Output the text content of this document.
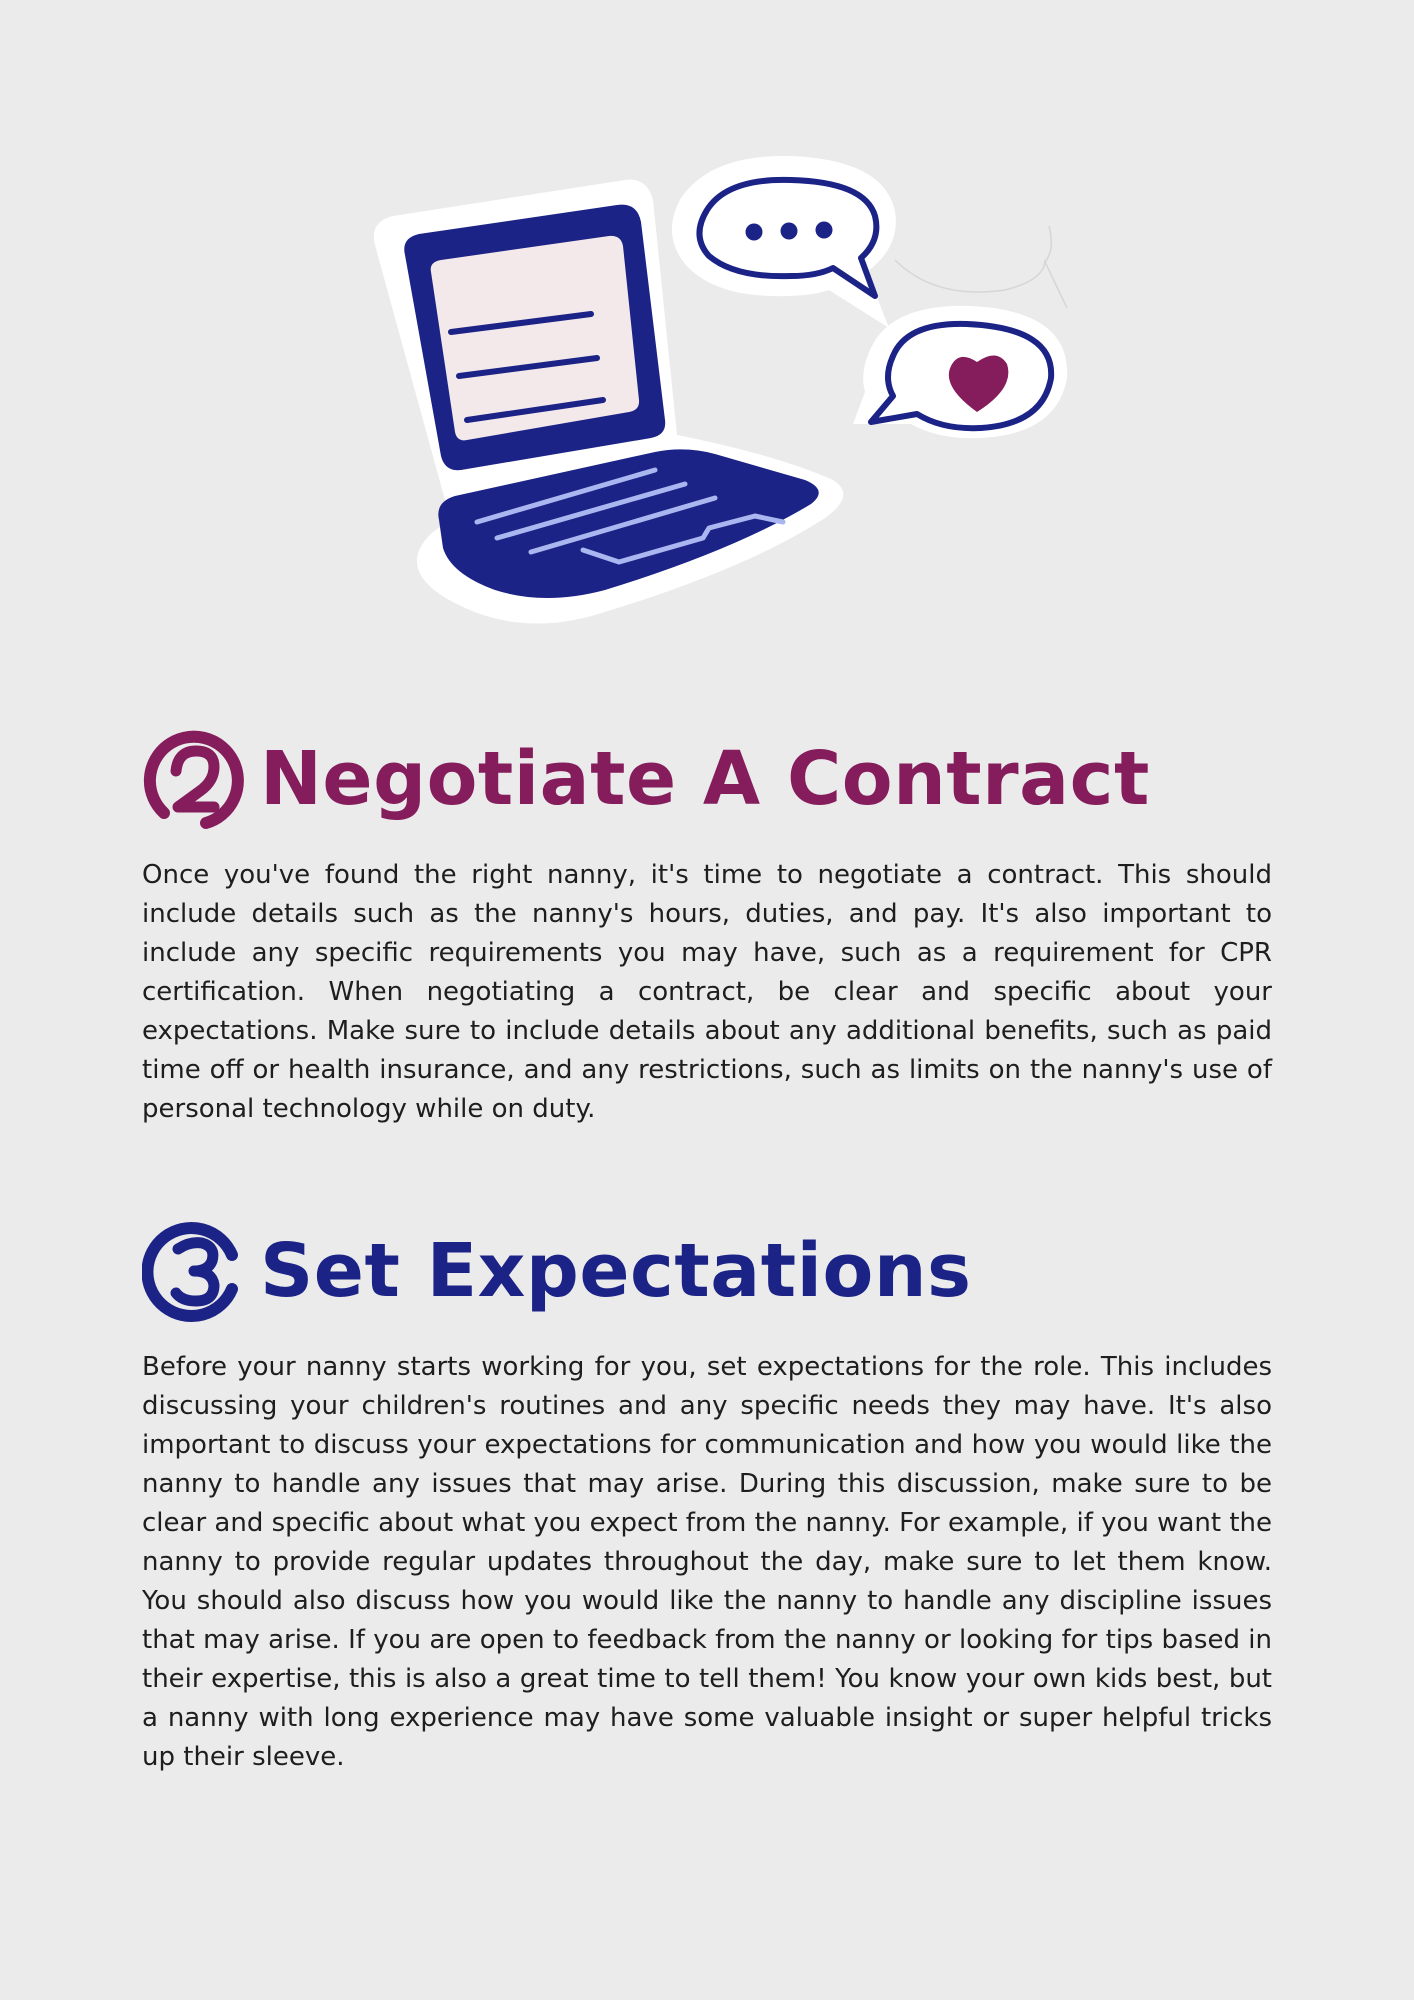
Negotiate A Contract

Once you've found the right nanny, it's time to negotiate a contract. This should include details such as the nanny's hours, duties, and pay. It's also important to include any specific requirements you may have, such as a requirement for CPR certification. When negotiating a contract, be clear and specific about your expectations. Make sure to include details about any additional benefits, such as paid time off or health insurance, and any restrictions, such as limits on the nanny's use of personal technology while on duty.

Set Expectations

Before your nanny starts working for you, set expectations for the role. This includes discussing your children's routines and any specific needs they may have. It's also important to discuss your expectations for communication and how you would like the nanny to handle any issues that may arise. During this discussion, make sure to be clear and specific about what you expect from the nanny. For example, if you want the nanny to provide regular updates throughout the day, make sure to let them know. You should also discuss how you would like the nanny to handle any discipline issues that may arise. If you are open to feedback from the nanny or looking for tips based in their expertise, this is also a great time to tell them! You know your own kids best, but a nanny with long experience may have some valuable insight or super helpful tricks up their sleeve.
